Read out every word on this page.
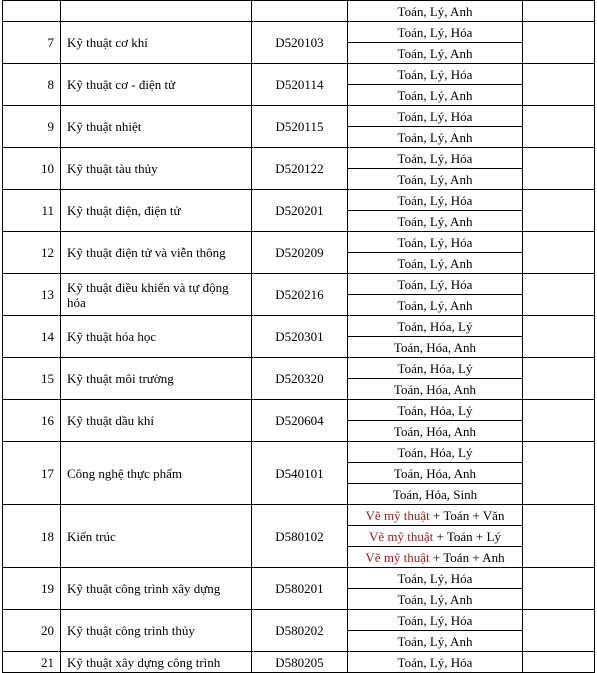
			Toán, Lý, Anh	
7	Kỹ thuật cơ khí	D520103	Toán, Lý, Hóa	
			Toán, Lý, Anh	
8	Kỹ thuật cơ - điện tử	D520114	Toán, Lý, Hóa	
			Toán, Lý, Anh	
9	Kỹ thuật nhiệt	D520115	Toán, Lý, Hóa	
			Toán, Lý, Anh	
10	Kỹ thuật tàu thủy	D520122	Toán, Lý, Hóa	
			Toán, Lý, Anh	
11	Kỹ thuật điện, điện tử	D520201	Toán, Lý, Hóa	
			Toán, Lý, Anh	
12	Kỹ thuật điện tử và viễn thông	D520209	Toán, Lý, Hóa	
			Toán, Lý, Anh	
13	Kỹ thuật điều khiển và tự động hóa	D520216	Toán, Lý, Hóa	
			Toán, Lý, Anh	
14	Kỹ thuật hóa học	D520301	Toán, Hóa, Lý	
			Toán, Hóa, Anh	
15	Kỹ thuật môi trường	D520320	Toán, Hóa, Lý	
			Toán, Hóa, Anh	
16	Kỹ thuật dầu khí	D520604	Toán, Hóa, Lý	
			Toán, Hóa, Anh	
17	Công nghệ thực phẩm	D540101	Toán, Hóa, Lý	
			Toán, Hóa, Anh	
			Toán, Hóa, Sinh	
18	Kiến trúc	D580102	Vẽ mỹ thuật + Toán + Văn	
			Vẽ mỹ thuật + Toán + Lý	
			Vẽ mỹ thuật + Toán + Anh	
19	Kỹ thuật công trình xây dựng	D580201	Toán, Lý, Hóa	
			Toán, Lý, Anh	
20	Kỹ thuật công trình thủy	D580202	Toán, Lý, Hóa	
			Toán, Lý, Anh	
21	Kỹ thuật xây dựng công trình	D580205	Toán, Lý, Hóa	
